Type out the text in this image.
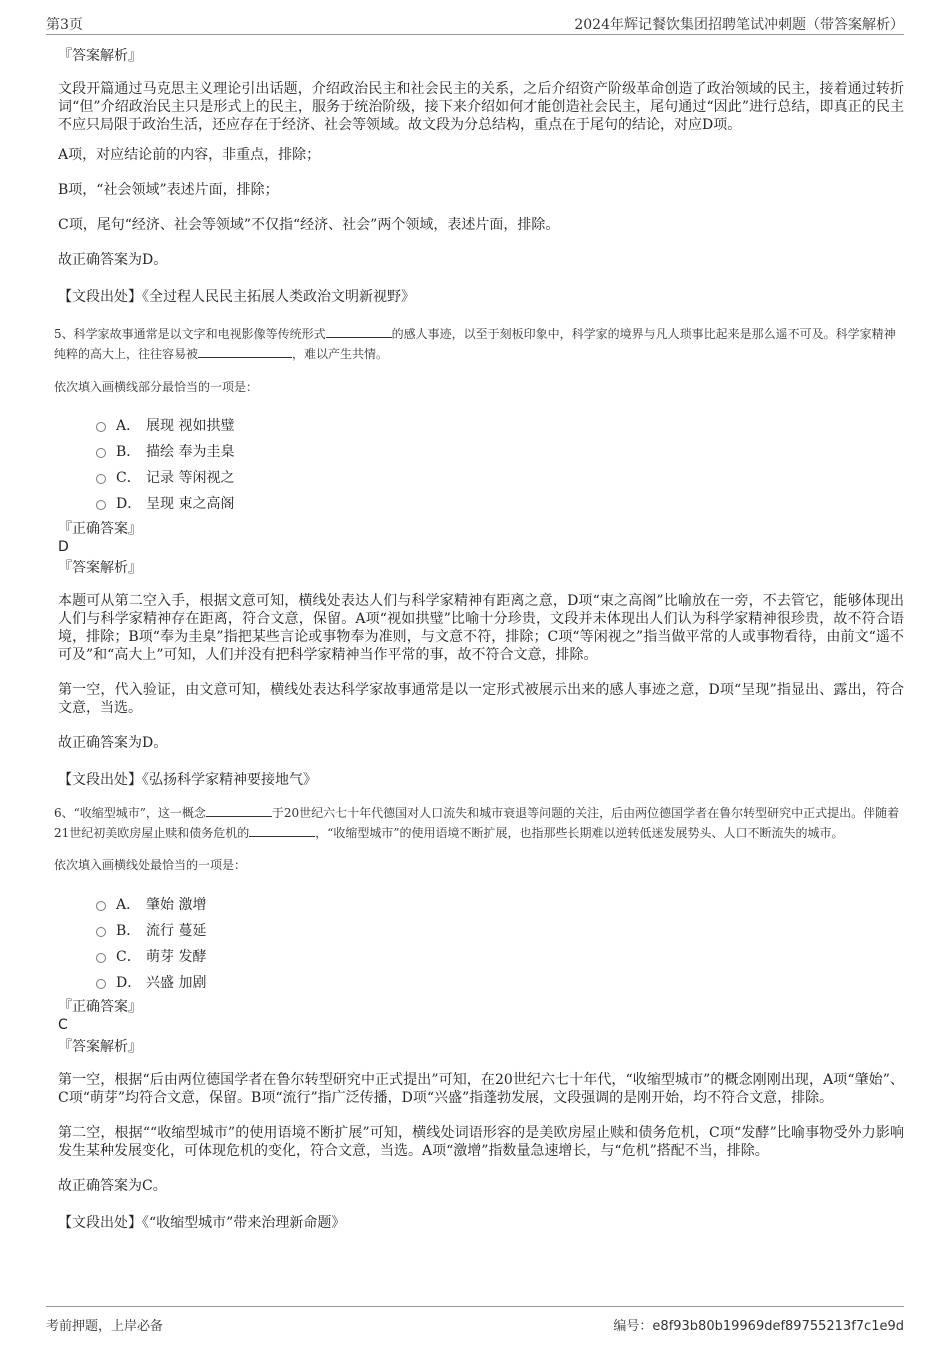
第3页	2024年辉记餐饮集团招聘笔试冲刺题（带答案解析）
『答案解析』

文段开篇通过马克思主义理论引出话题，介绍政治民主和社会民主的关系，之后介绍资产阶级革命创造了政治领域的民主，接着通过转折词“但”介绍政治民主只是形式上的民主，服务于统治阶级，接下来介绍如何才能创造社会民主，尾句通过“因此”进行总结，即真正的民主不应只局限于政治生活，还应存在于经济、社会等领域。故文段为分总结构，重点在于尾句的结论，对应D项。

A项，对应结论前的内容，非重点，排除；

B项，“社会领域”表述片面，排除；

C项，尾句“经济、社会等领域”不仅指“经济、社会”两个领域，表述片面，排除。

故正确答案为D。

【文段出处】《全过程人民民主拓展人类政治文明新视野》

5、科学家故事通常是以文字和电视影像等传统形式	的感人事迹，以至于刻板印象中，科学家的境界与凡人琐事比起来是那么遥不可及。科学家精神纯粹的高大上，往往容易被	，难以产生共情。

依次填入画横线部分最恰当的一项是：
A． 展现 视如拱璧
B． 描绘 奉为圭臬
C． 记录 等闲视之
D． 呈现 束之高阁
『正确答案』
D
『答案解析』

本题可从第二空入手，根据文意可知，横线处表达人们与科学家精神有距离之意，D项“束之高阁”比喻放在一旁，不去管它，能够体现出人们与科学家精神存在距离，符合文意，保留。A项“视如拱璧”比喻十分珍贵，文段并未体现出人们认为科学家精神很珍贵，故不符合语境，排除；B项“奉为圭臬”指把某些言论或事物奉为准则，与文意不符，排除；C项“等闲视之”指当做平常的人或事物看待，由前文“遥不可及”和“高大上”可知，人们并没有把科学家精神当作平常的事，故不符合文意，排除。

第一空，代入验证，由文意可知，横线处表达科学家故事通常是以一定形式被展示出来的感人事迹之意，D项“呈现”指显出、露出，符合文意，当选。

故正确答案为D。

【文段出处】《弘扬科学家精神要接地气》

6、“收缩型城市”，这一概念	于20世纪六七十年代德国对人口流失和城市衰退等问题的关注，后由两位德国学者在鲁尔转型研究中正式提出。伴随着21世纪初美欧房屋止赎和债务危机的	，“收缩型城市”的使用语境不断扩展，也指那些长期难以逆转低迷发展势头、人口不断流失的城市。

依次填入画横线处最恰当的一项是：
A． 肇始 激增
B． 流行 蔓延
C． 萌芽 发酵
D． 兴盛 加剧
『正确答案』
C
『答案解析』

第一空，根据“后由两位德国学者在鲁尔转型研究中正式提出”可知，在20世纪六七十年代，“收缩型城市”的概念刚刚出现，A项“肇始”、C项“萌芽”均符合文意，保留。B项“流行”指广泛传播，D项“兴盛”指蓬勃发展，文段强调的是刚开始，均不符合文意，排除。

第二空，根据““收缩型城市”的使用语境不断扩展”可知，横线处词语形容的是美欧房屋止赎和债务危机，C项“发酵”比喻事物受外力影响发生某种发展变化，可体现危机的变化，符合文意，当选。A项“激增”指数量急速增长，与“危机”搭配不当，排除。

故正确答案为C。

【文段出处】《“收缩型城市”带来治理新命题》
考前押题，上岸必备	编号：e8f93b80b19969def89755213f7c1e9d
